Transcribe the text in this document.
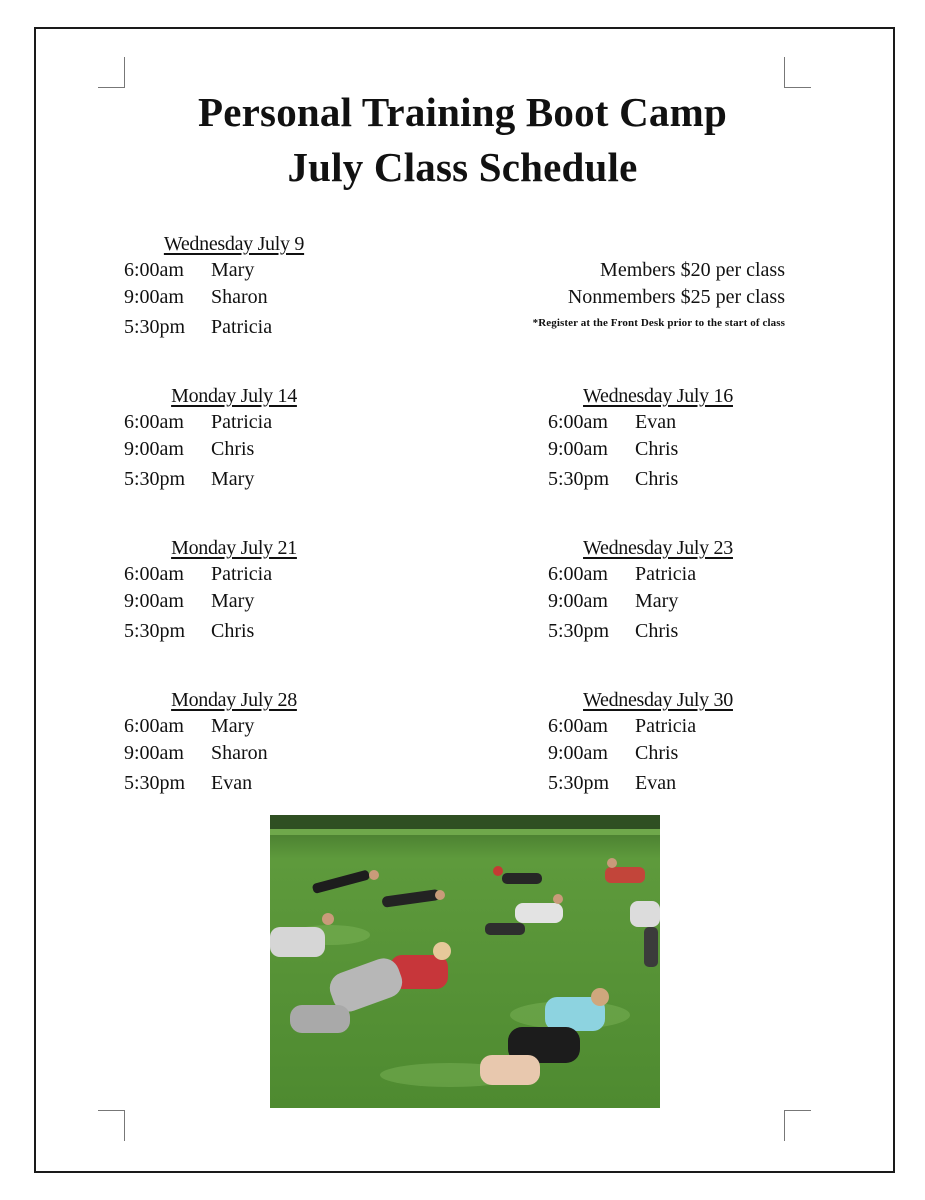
Personal Training Boot Camp
July Class Schedule
Wednesday July 9
6:00am Mary
9:00am Sharon
5:30pm Patricia
Members $20 per class
Nonmembers $25 per class
*Register at the Front Desk prior to the start of class
Monday July 14
6:00am Patricia
9:00am Chris
5:30pm Mary
Wednesday July 16
6:00am Evan
9:00am Chris
5:30pm Chris
Monday July 21
6:00am Patricia
9:00am Mary
5:30pm Chris
Wednesday July 23
6:00am Patricia
9:00am Mary
5:30pm Chris
Monday July 28
6:00am Mary
9:00am Sharon
5:30pm Evan
Wednesday July 30
6:00am Patricia
9:00am Chris
5:30pm Evan
